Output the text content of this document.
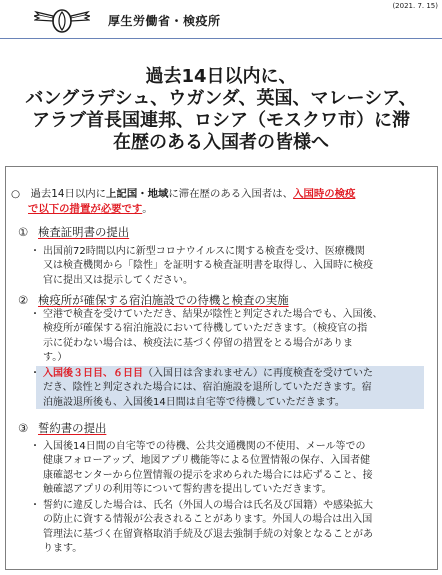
厚生労働省・検疫所
(2021. 7. 15)
過去14日以内に、
バングラデシュ、ウガンダ、英国、マレーシア、
アラブ首長国連邦、ロシア（モスクワ市）に滞
在歴のある入国者の皆様へ
○　 過去14日以内に上記国・地域に滞在歴のある入国者は、入国時の検疫
で以下の措置が必要です。
① 検査証明書の提出
・ 出国前72時間以内に新型コロナウイルスに関する検査を受け、医療機関
又は検査機関から「陰性」を証明する検査証明書を取得し、入国時に検疫
官に提出又は提示してください。
② 検疫所が確保する宿泊施設での待機と検査の実施
・ 空港で検査を受けていただき、結果が陰性と判定された場合でも、入国後、
検疫所が確保する宿泊施設において待機していただきます。（検疫官の指
示に従わない場合は、検疫法に基づく停留の措置をとる場合がありま
す。）
・ 入国後３日目、６日目（入国日は含まれません）に再度検査を受けていた
だき、陰性と判定された場合には、宿泊施設を退所していただきます。宿
泊施設退所後も、入国後14日間は自宅等で待機していただきます。
③ 誓約書の提出
・ 入国後14日間の自宅等での待機、公共交通機関の不使用、メール等での
健康フォローアップ、地図アプリ機能等による位置情報の保存、入国者健
康確認センターから位置情報の提示を求められた場合には応ずること、接
触確認アプリの利用等について誓約書を提出していただきます。
・ 誓約に違反した場合は、氏名（外国人の場合は氏名及び国籍）や感染拡大
の防止に資する情報が公表されることがあります。外国人の場合は出入国
管理法に基づく在留資格取消手続及び退去強制手続の対象となることがあ
ります。
